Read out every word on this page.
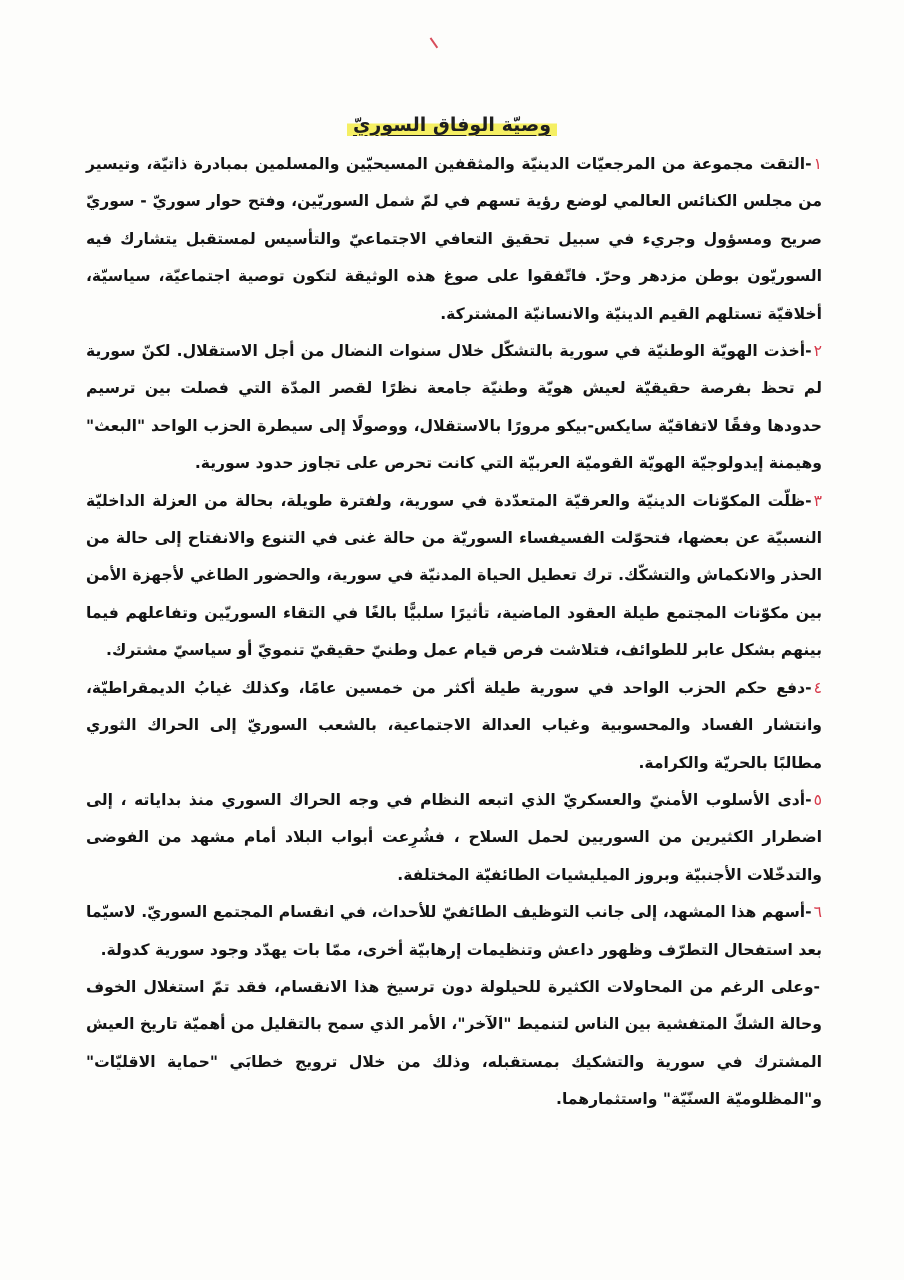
وصيّة الوفاق السوريّ

١-التقت مجموعة من المرجعيّات الدينيّة والمثقفين المسيحيّين والمسلمين بمبادرة ذاتيّة، وتيسير من مجلس الكنائس العالمي لوضع رؤية تسهم في لمّ شمل السوريّين، وفتح حوار سوريّ - سوريّ صريح ومسؤول وجريء في سبيل تحقيق التعافي الاجتماعيّ والتأسيس لمستقبل يتشارك فيه السوريّون بوطن مزدهر وحرّ. فاتّفقوا على صوغ هذه الوثيقة لتكون توصية اجتماعيّة، سياسيّة، أخلاقيّة تستلهم القيم الدينيّة والانسانيّة المشتركة.

٢-أخذت الهويّة الوطنيّة في سورية بالتشكّل خلال سنوات النضال من أجل الاستقلال. لكنّ سورية لم تحظ بفرصة حقيقيّة لعيش هويّة وطنيّة جامعة نظرًا لقصر المدّة التي فصلت بين ترسيم حدودها وفقًا لاتفاقيّة سايكس-بيكو مرورًا بالاستقلال، ووصولًا إلى سيطرة الحزب الواحد "البعث" وهيمنة إيدولوجيّة الهويّة القوميّة العربيّة التي كانت تحرص على تجاوز حدود سورية.

٣-ظلّت المكوّنات الدينيّة والعرقيّة المتعدّدة في سورية، ولفترة طويلة، بحالة من العزلة الداخليّة النسبيّة عن بعضها، فتحوّلت الفسيفساء السوريّة من حالة غنى في التنوع والانفتاح إلى حالة من الحذر والانكماش والتشكّك. ترك تعطيل الحياة المدنيّة في سورية، والحضور الطاغي لأجهزة الأمن بين مكوّنات المجتمع طيلة العقود الماضية، تأثيرًا سلبيًّا بالغًا في التقاء السوريّين وتفاعلهم فيما بينهم بشكل عابر للطوائف، فتلاشت فرص قيام عمل وطنيّ حقيقيّ تنمويّ أو سياسيّ مشترك.

٤-دفع حكم الحزب الواحد في سورية طيلة أكثر من خمسين عامًا، وكذلك غيابُ الديمقراطيّة، وانتشار الفساد والمحسوبية وغياب العدالة الاجتماعية، بالشعب السوريّ إلى الحراك الثوري مطالبًا بالحريّة والكرامة.

٥-أدى الأسلوب الأمنيّ والعسكريّ الذي اتبعه النظام في وجه الحراك السوري منذ بداياته ، إلى اضطرار الكثيرين من السوريين لحمل السلاح ، فشُرِعت أبواب البلاد أمام مشهد من الفوضى والتدخّلات الأجنبيّة وبروز الميليشيات الطائفيّة المختلفة.

٦-أسهم هذا المشهد، إلى جانب التوظيف الطائفيّ للأحداث، في انقسام المجتمع السوريّ. لاسيّما بعد استفحال التطرّف وظهور داعش وتنظيمات إرهابيّة أخرى، ممّا بات يهدّد وجود سورية كدولة.

-وعلى الرغم من المحاولات الكثيرة للحيلولة دون ترسيخ هذا الانقسام، فقد تمّ استغلال الخوف وحالة الشكّ المتفشية بين الناس لتنميط "الآخر"، الأمر الذي سمح بالتقليل من أهميّة تاريخ العيش المشترك في سورية والتشكيك بمستقبله، وذلك من خلال ترويج خطابَي "حماية الاقليّات" و"المظلوميّة السنّيّة" واستثمارهما.
